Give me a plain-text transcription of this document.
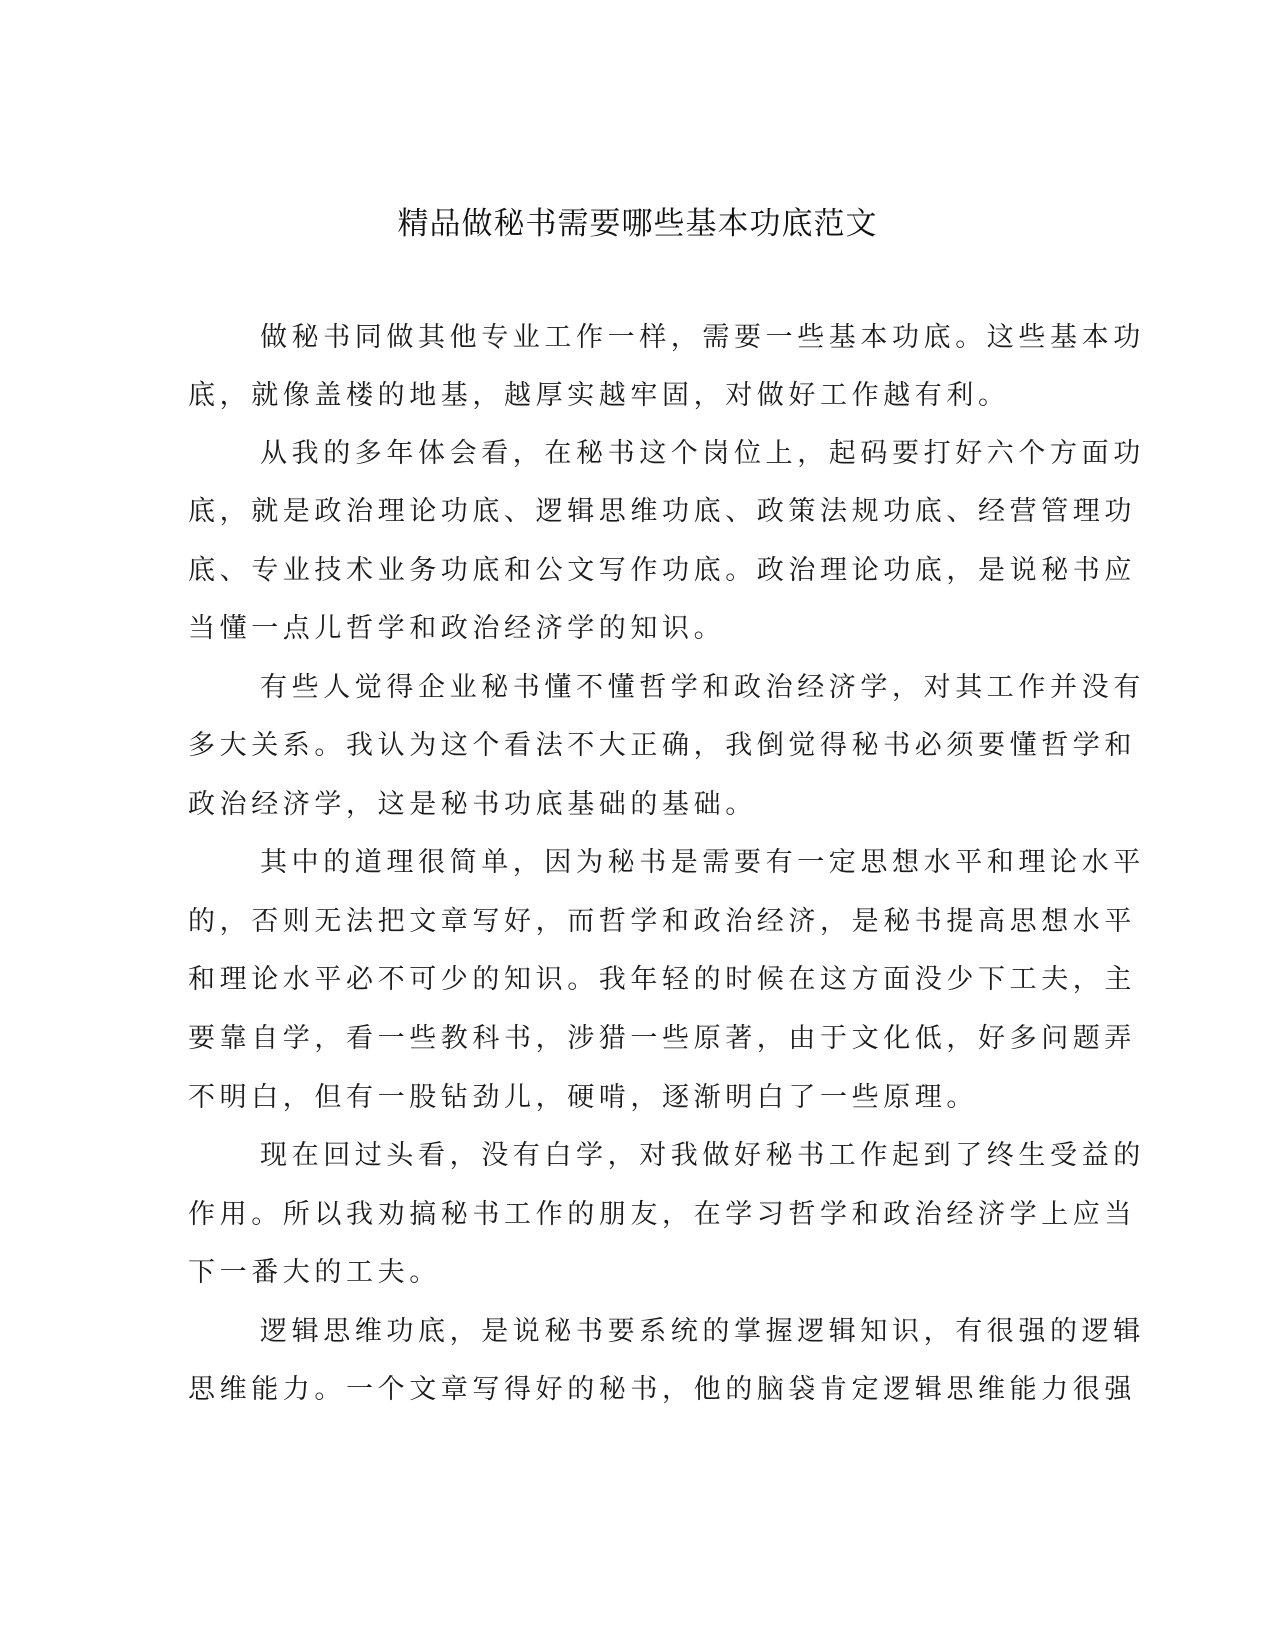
精品做秘书需要哪些基本功底范文
做秘书同做其他专业工作一样，需要一些基本功底。这些基本功
底，就像盖楼的地基，越厚实越牢固，对做好工作越有利。
从我的多年体会看，在秘书这个岗位上，起码要打好六个方面功
底，就是政治理论功底、逻辑思维功底、政策法规功底、经营管理功
底、专业技术业务功底和公文写作功底。政治理论功底，是说秘书应
当懂一点儿哲学和政治经济学的知识。
有些人觉得企业秘书懂不懂哲学和政治经济学，对其工作并没有
多大关系。我认为这个看法不大正确，我倒觉得秘书必须要懂哲学和
政治经济学，这是秘书功底基础的基础。
其中的道理很简单，因为秘书是需要有一定思想水平和理论水平
的，否则无法把文章写好，而哲学和政治经济，是秘书提高思想水平
和理论水平必不可少的知识。我年轻的时候在这方面没少下工夫，主
要靠自学，看一些教科书，涉猎一些原著，由于文化低，好多问题弄
不明白，但有一股钻劲儿，硬啃，逐渐明白了一些原理。
现在回过头看，没有白学，对我做好秘书工作起到了终生受益的
作用。所以我劝搞秘书工作的朋友，在学习哲学和政治经济学上应当
下一番大的工夫。
逻辑思维功底，是说秘书要系统的掌握逻辑知识，有很强的逻辑
思维能力。一个文章写得好的秘书，他的脑袋肯定逻辑思维能力很强
